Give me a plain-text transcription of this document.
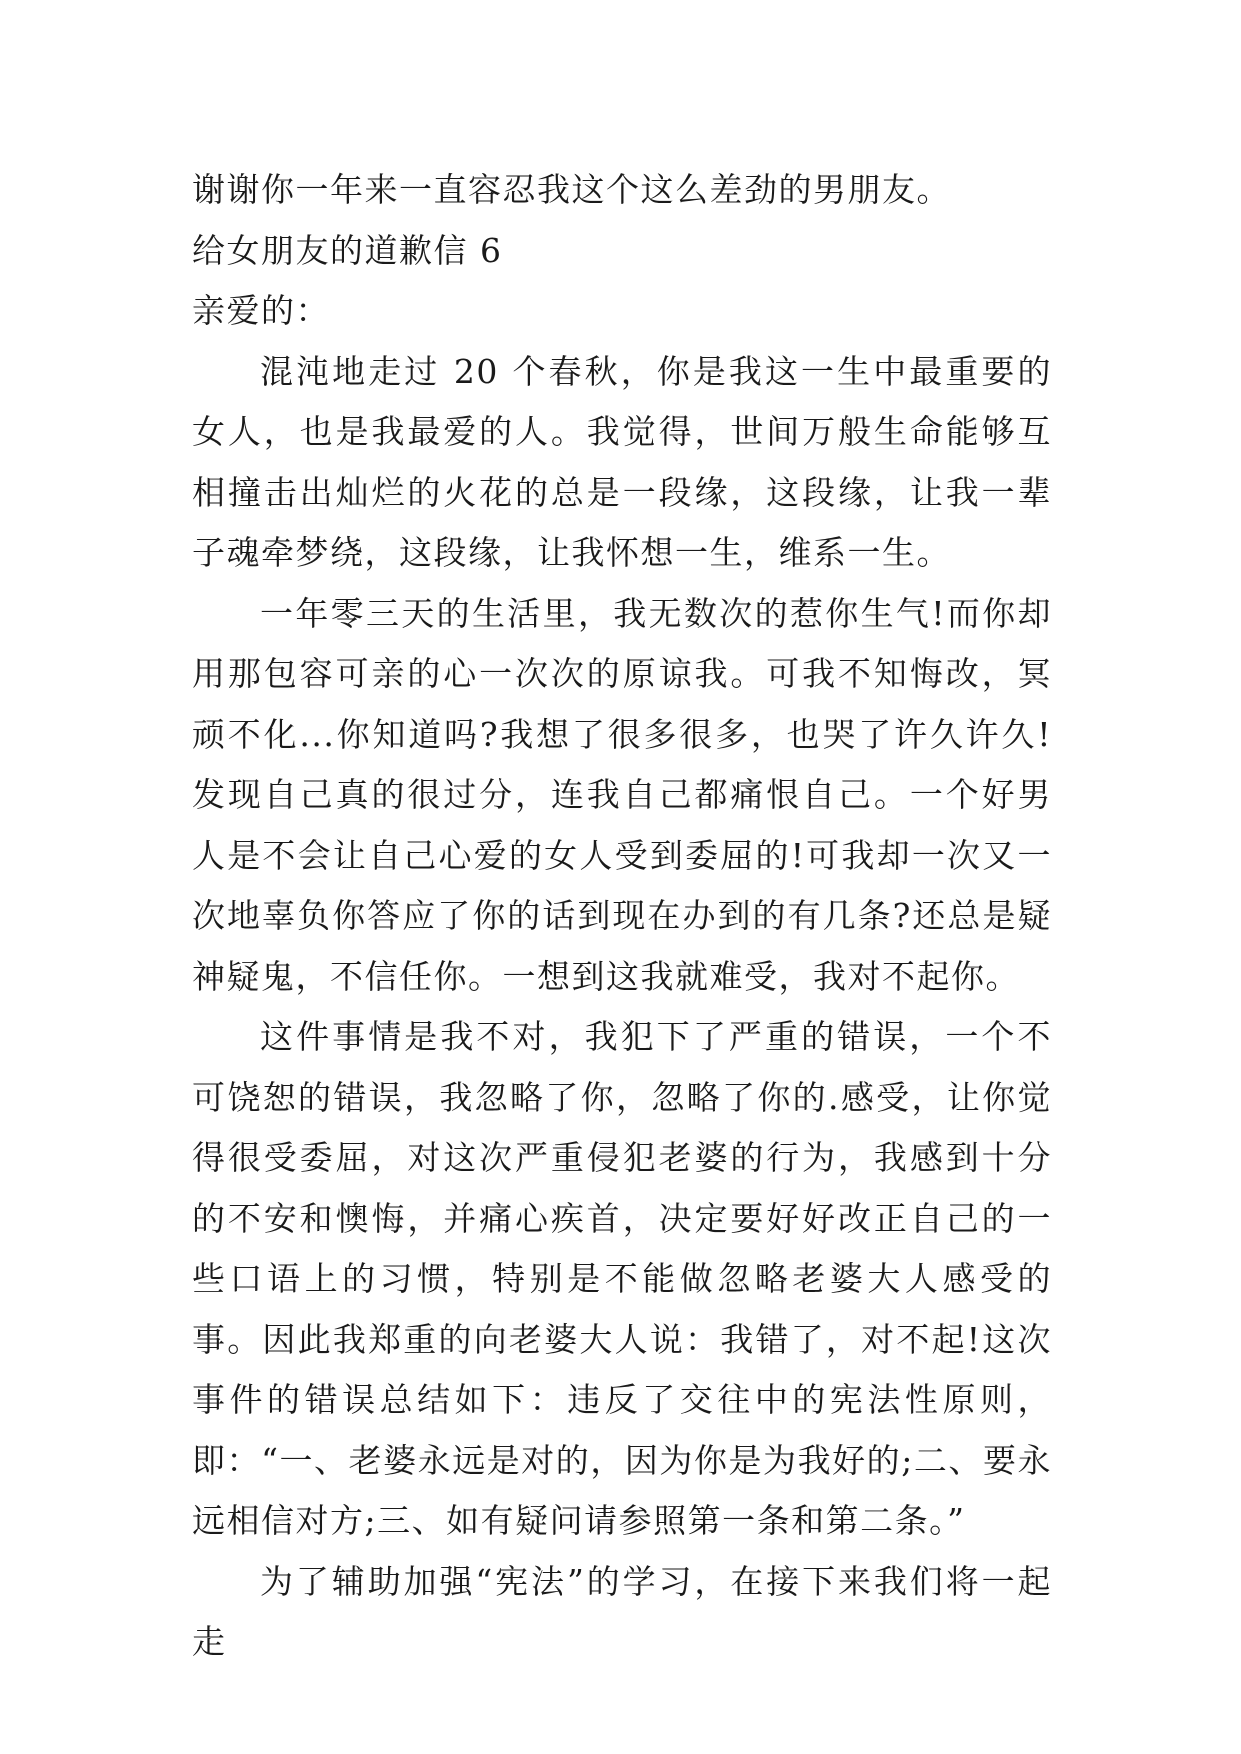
谢谢你一年来一直容忍我这个这么差劲的男朋友。

给女朋友的道歉信 6

亲爱的：

混沌地走过 20 个春秋，你是我这一生中最重要的女人，也是我最爱的人。我觉得，世间万般生命能够互相撞击出灿烂的火花的总是一段缘，这段缘，让我一辈子魂牵梦绕，这段缘，让我怀想一生，维系一生。

一年零三天的生活里，我无数次的惹你生气!而你却用那包容可亲的心一次次的原谅我。可我不知悔改，冥顽不化...你知道吗?我想了很多很多，也哭了许久许久!发现自己真的很过分，连我自己都痛恨自己。一个好男人是不会让自己心爱的女人受到委屈的!可我却一次又一次地辜负你答应了你的话到现在办到的有几条?还总是疑神疑鬼，不信任你。一想到这我就难受，我对不起你。

这件事情是我不对，我犯下了严重的错误，一个不可饶恕的错误，我忽略了你，忽略了你的.感受，让你觉得很受委屈，对这次严重侵犯老婆的行为，我感到十分的不安和懊悔，并痛心疾首，决定要好好改正自己的一些口语上的习惯，特别是不能做忽略老婆大人感受的事。因此我郑重的向老婆大人说：我错了，对不起!这次事件的错误总结如下：违反了交往中的宪法性原则，即：“一、老婆永远是对的，因为你是为我好的;二、要永远相信对方;三、如有疑问请参照第一条和第二条。”

为了辅助加强“宪法”的学习，在接下来我们将一起走
